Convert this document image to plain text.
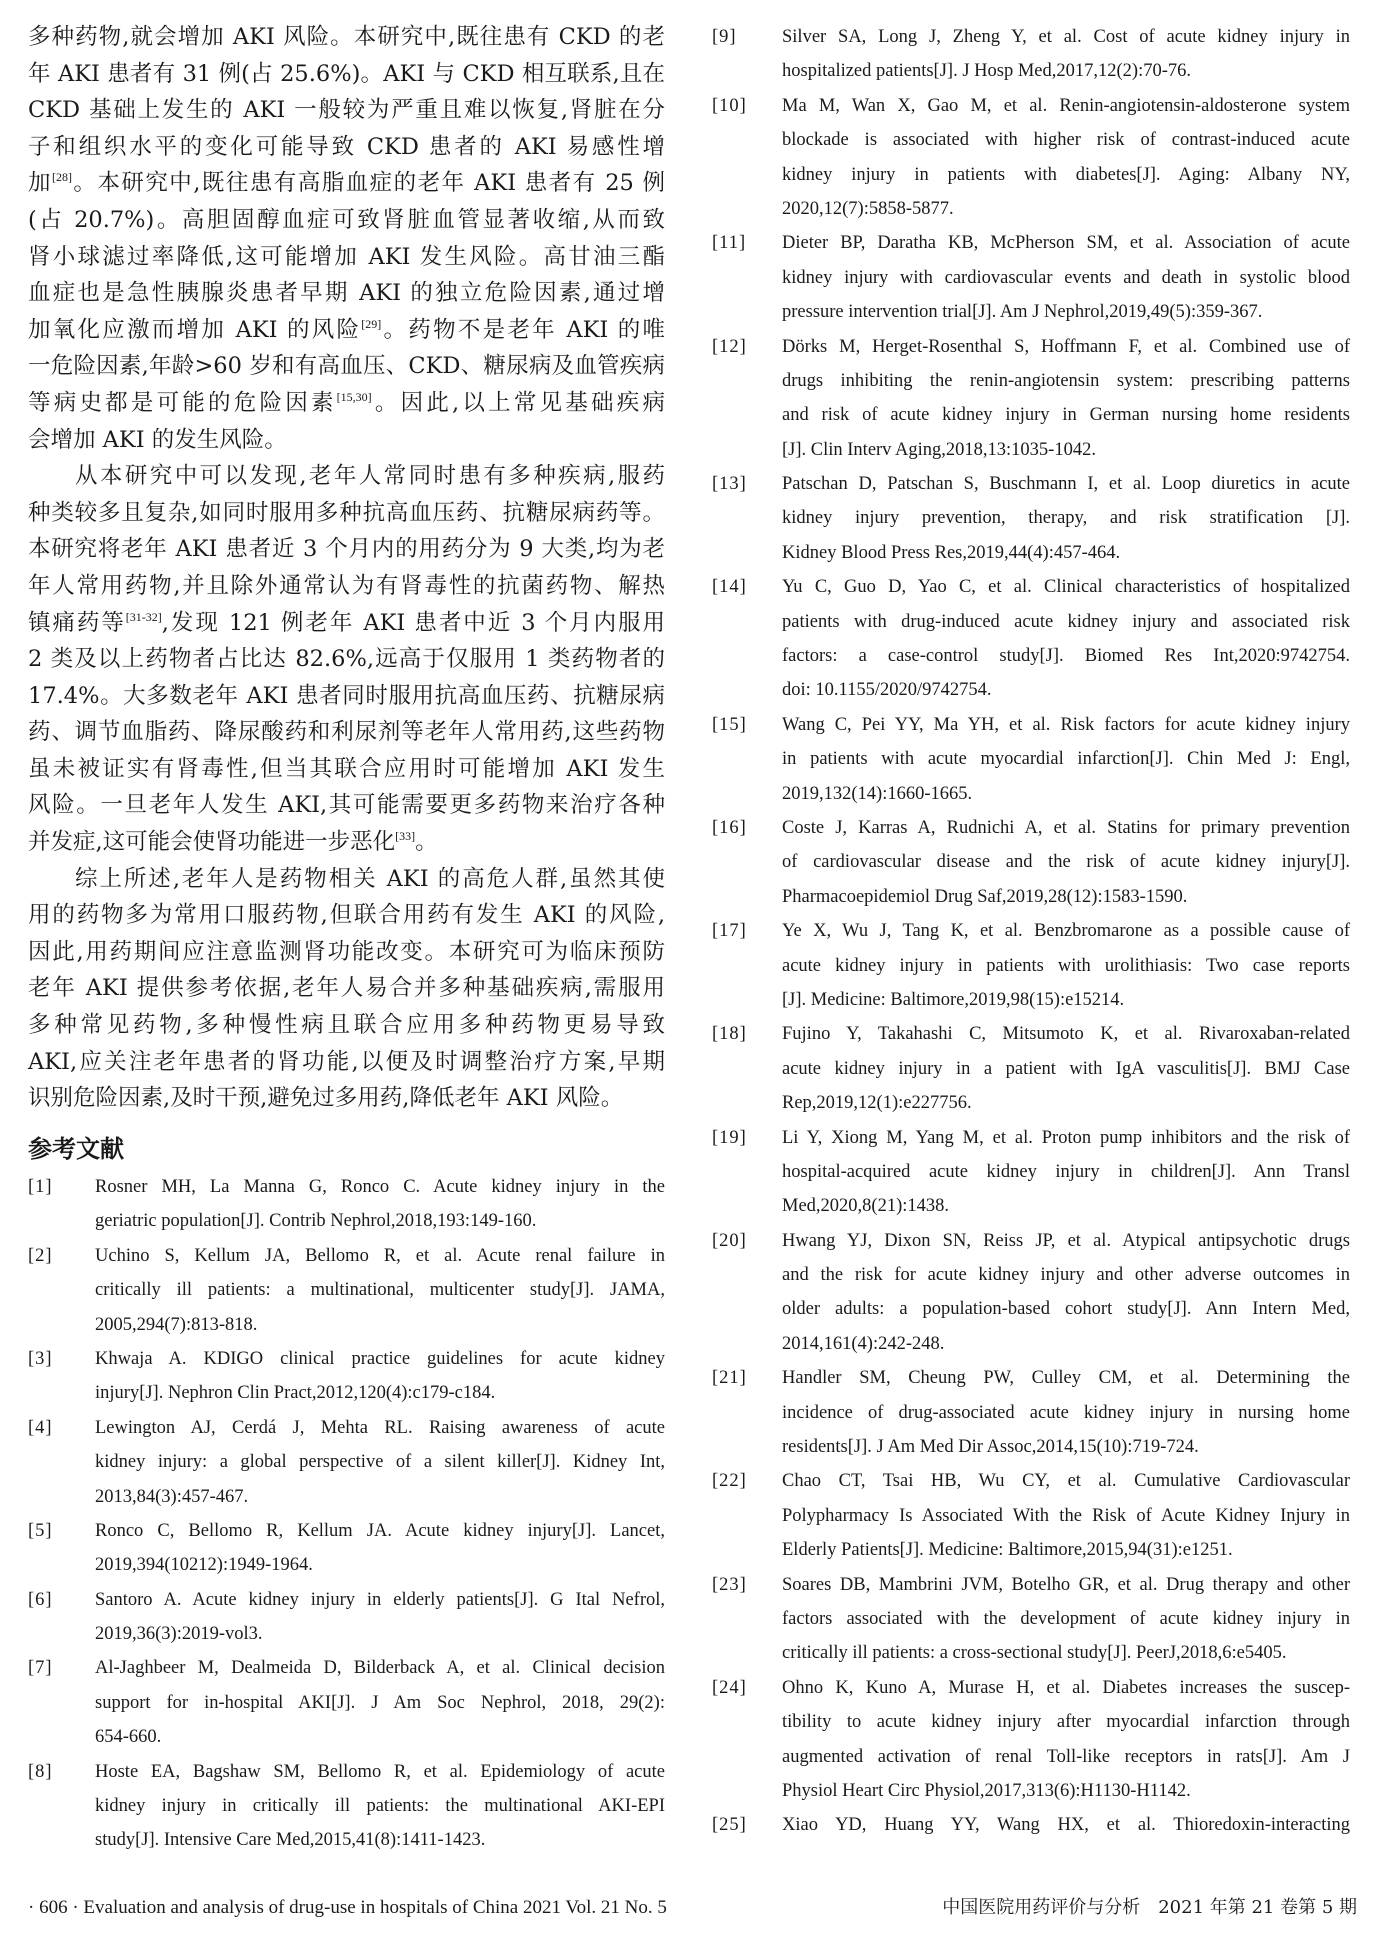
多种药物,就会增加 AKI 风险。本研究中,既往患有 CKD 的老
年 AKI 患者有 31 例(占 25.6%)。AKI 与 CKD 相互联系,且在
CKD 基础上发生的 AKI 一般较为严重且难以恢复,肾脏在分
子和组织水平的变化可能导致 CKD 患者的 AKI 易感性增
加[28]。本研究中,既往患有高脂血症的老年 AKI 患者有 25 例
(占 20.7%)。高胆固醇血症可致肾脏血管显著收缩,从而致
肾小球滤过率降低,这可能增加 AKI 发生风险。高甘油三酯
血症也是急性胰腺炎患者早期 AKI 的独立危险因素,通过增
加氧化应激而增加 AKI 的风险[29]。药物不是老年 AKI 的唯
一危险因素,年龄>60 岁和有高血压、CKD、糖尿病及血管疾病
等病史都是可能的危险因素[15,30]。因此,以上常见基础疾病
会增加 AKI 的发生风险。
从本研究中可以发现,老年人常同时患有多种疾病,服药
种类较多且复杂,如同时服用多种抗高血压药、抗糖尿病药等。
本研究将老年 AKI 患者近 3 个月内的用药分为 9 大类,均为老
年人常用药物,并且除外通常认为有肾毒性的抗菌药物、解热
镇痛药等[31-32],发现 121 例老年 AKI 患者中近 3 个月内服用
2 类及以上药物者占比达 82.6%,远高于仅服用 1 类药物者的
17.4%。大多数老年 AKI 患者同时服用抗高血压药、抗糖尿病
药、调节血脂药、降尿酸药和利尿剂等老年人常用药,这些药物
虽未被证实有肾毒性,但当其联合应用时可能增加 AKI 发生
风险。一旦老年人发生 AKI,其可能需要更多药物来治疗各种
并发症,这可能会使肾功能进一步恶化[33]。
综上所述,老年人是药物相关 AKI 的高危人群,虽然其使
用的药物多为常用口服药物,但联合用药有发生 AKI 的风险,
因此,用药期间应注意监测肾功能改变。本研究可为临床预防
老年 AKI 提供参考依据,老年人易合并多种基础疾病,需服用
多种常见药物,多种慢性病且联合应用多种药物更易导致
AKI,应关注老年患者的肾功能,以便及时调整治疗方案,早期
识别危险因素,及时干预,避免过多用药,降低老年 AKI 风险。
参考文献
[1] Rosner MH, La Manna G, Ronco C. Acute kidney injury in the
geriatric population[J]. Contrib Nephrol,2018,193:149-160.
[2] Uchino S, Kellum JA, Bellomo R, et al. Acute renal failure in
critically ill patients: a multinational, multicenter study[J]. JAMA,
2005,294(7):813-818.
[3] Khwaja A. KDIGO clinical practice guidelines for acute kidney
injury[J]. Nephron Clin Pract,2012,120(4):c179-c184.
[4] Lewington AJ, Cerdá J, Mehta RL. Raising awareness of acute
kidney injury: a global perspective of a silent killer[J]. Kidney Int,
2013,84(3):457-467.
[5] Ronco C, Bellomo R, Kellum JA. Acute kidney injury[J]. Lancet,
2019,394(10212):1949-1964.
[6] Santoro A. Acute kidney injury in elderly patients[J]. G Ital Nefrol,
2019,36(3):2019-vol3.
[7] Al-Jaghbeer M, Dealmeida D, Bilderback A, et al. Clinical decision
support for in-hospital AKI[J]. J Am Soc Nephrol, 2018, 29(2):
654-660.
[8] Hoste EA, Bagshaw SM, Bellomo R, et al. Epidemiology of acute
kidney injury in critically ill patients: the multinational AKI-EPI
study[J]. Intensive Care Med,2015,41(8):1411-1423.
[9] Silver SA, Long J, Zheng Y, et al. Cost of acute kidney injury in
hospitalized patients[J]. J Hosp Med,2017,12(2):70-76.
[10] Ma M, Wan X, Gao M, et al. Renin-angiotensin-aldosterone system
blockade is associated with higher risk of contrast-induced acute
kidney injury in patients with diabetes[J]. Aging: Albany NY,
2020,12(7):5858-5877.
[11] Dieter BP, Daratha KB, McPherson SM, et al. Association of acute
kidney injury with cardiovascular events and death in systolic blood
pressure intervention trial[J]. Am J Nephrol,2019,49(5):359-367.
[12] Dörks M, Herget-Rosenthal S, Hoffmann F, et al. Combined use of
drugs inhibiting the renin-angiotensin system: prescribing patterns
and risk of acute kidney injury in German nursing home residents
[J]. Clin Interv Aging,2018,13:1035-1042.
[13] Patschan D, Patschan S, Buschmann I, et al. Loop diuretics in acute
kidney injury prevention, therapy, and risk stratification [J].
Kidney Blood Press Res,2019,44(4):457-464.
[14] Yu C, Guo D, Yao C, et al. Clinical characteristics of hospitalized
patients with drug-induced acute kidney injury and associated risk
factors: a case-control study[J]. Biomed Res Int,2020:9742754.
doi: 10.1155/2020/9742754.
[15] Wang C, Pei YY, Ma YH, et al. Risk factors for acute kidney injury
in patients with acute myocardial infarction[J]. Chin Med J: Engl,
2019,132(14):1660-1665.
[16] Coste J, Karras A, Rudnichi A, et al. Statins for primary prevention
of cardiovascular disease and the risk of acute kidney injury[J].
Pharmacoepidemiol Drug Saf,2019,28(12):1583-1590.
[17] Ye X, Wu J, Tang K, et al. Benzbromarone as a possible cause of
acute kidney injury in patients with urolithiasis: Two case reports
[J]. Medicine: Baltimore,2019,98(15):e15214.
[18] Fujino Y, Takahashi C, Mitsumoto K, et al. Rivaroxaban-related
acute kidney injury in a patient with IgA vasculitis[J]. BMJ Case
Rep,2019,12(1):e227756.
[19] Li Y, Xiong M, Yang M, et al. Proton pump inhibitors and the risk of
hospital-acquired acute kidney injury in children[J]. Ann Transl
Med,2020,8(21):1438.
[20] Hwang YJ, Dixon SN, Reiss JP, et al. Atypical antipsychotic drugs
and the risk for acute kidney injury and other adverse outcomes in
older adults: a population-based cohort study[J]. Ann Intern Med,
2014,161(4):242-248.
[21] Handler SM, Cheung PW, Culley CM, et al. Determining the
incidence of drug-associated acute kidney injury in nursing home
residents[J]. J Am Med Dir Assoc,2014,15(10):719-724.
[22] Chao CT, Tsai HB, Wu CY, et al. Cumulative Cardiovascular
Polypharmacy Is Associated With the Risk of Acute Kidney Injury in
Elderly Patients[J]. Medicine: Baltimore,2015,94(31):e1251.
[23] Soares DB, Mambrini JVM, Botelho GR, et al. Drug therapy and other
factors associated with the development of acute kidney injury in
critically ill patients: a cross-sectional study[J]. PeerJ,2018,6:e5405.
[24] Ohno K, Kuno A, Murase H, et al. Diabetes increases the suscep-
tibility to acute kidney injury after myocardial infarction through
augmented activation of renal Toll-like receptors in rats[J]. Am J
Physiol Heart Circ Physiol,2017,313(6):H1130-H1142.
[25] Xiao YD, Huang YY, Wang HX, et al. Thioredoxin-interacting
· 606 · Evaluation and analysis of drug-use in hospitals of China 2021 Vol. 21 No. 5	中国医院用药评价与分析　2021 年第 21 卷第 5 期
